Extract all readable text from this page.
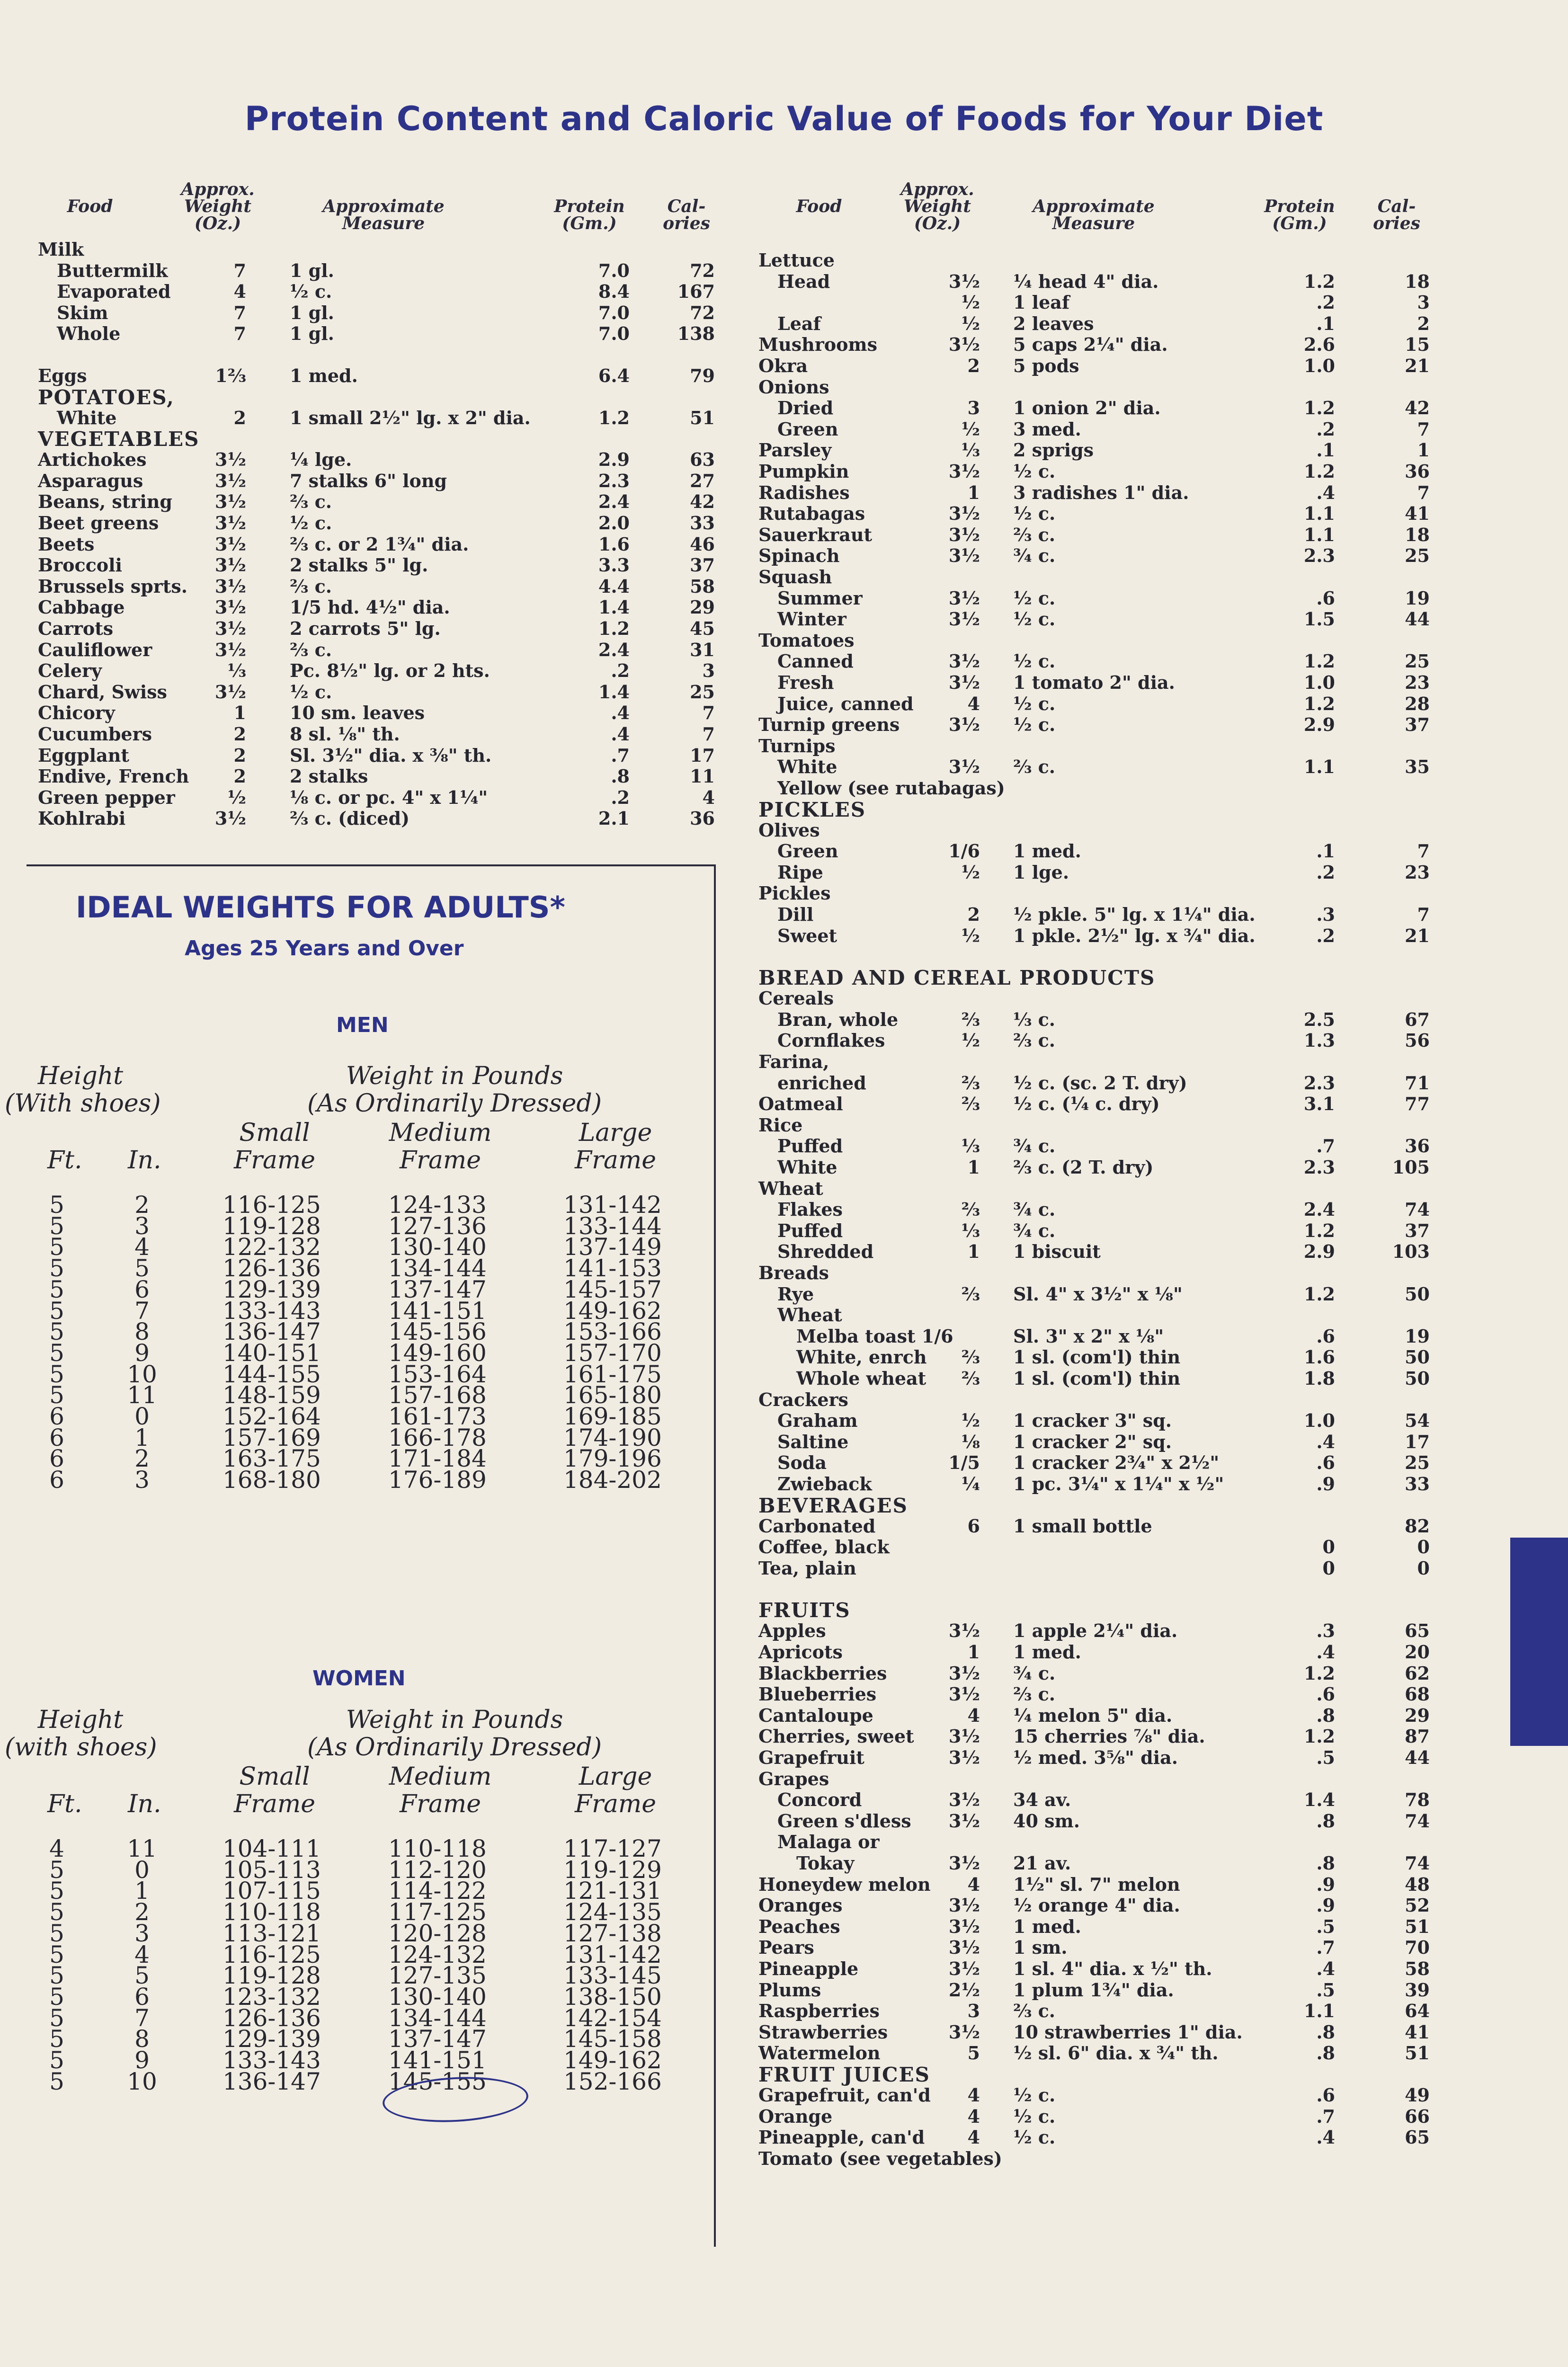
Protein Content and Caloric Value of Foods for Your Diet
Food
Approx.
Weight
(Oz.)
Approximate
Measure
Protein
(Gm.)
Cal-
ories
Food
Approx.
Weight
(Oz.)
Approximate
Measure
Protein
(Gm.)
Cal-
ories
Milk
Buttermilk	7 1 gl.	7.0	72
Evaporated	4 ½ c.	8.4	167
Skim	7 1 gl.	7.0	72
Whole	7 1 gl.	7.0	138
Eggs	1⅔ 1 med.	6.4	79
POTATOES,
White	2 1 small 2½" lg. x 2" dia.	1.2	51
VEGETABLES
Artichokes	3½ ¼ lge.	2.9	63
Asparagus	3½ 7 stalks 6" long	2.3	27
Beans, string	3½ ⅔ c.	2.4	42
Beet greens	3½ ½ c.	2.0	33
Beets	3½ ⅔ c. or 2 1¾" dia.	1.6	46
Broccoli	3½ 2 stalks 5" lg.	3.3	37
Brussels sprts.	3½ ⅔ c.	4.4	58
Cabbage	3½ 1/5 hd. 4½" dia.	1.4	29
Carrots	3½ 2 carrots 5" lg.	1.2	45
Cauliflower	3½ ⅔ c.	2.4	31
Celery	⅓ Pc. 8½" lg. or 2 hts.	.2	3
Chard, Swiss	3½ ½ c.	1.4	25
Chicory	1 10 sm. leaves	.4	7
Cucumbers	2 8 sl. ⅛" th.	.4	7
Eggplant	2 Sl. 3½" dia. x ⅜" th.	.7	17
Endive, French	2 2 stalks	.8	11
Green pepper	½ ⅛ c. or pc. 4" x 1¼"	.2	4
Kohlrabi	3½ ⅔ c. (diced)	2.1	36
Lettuce
Head	3½ ¼ head 4" dia.	1.2	18
½ 1 leaf	.2	3
Leaf	½ 2 leaves	.1	2
Mushrooms	3½ 5 caps 2¼" dia.	2.6	15
Okra	2 5 pods	1.0	21
Onions
Dried	3 1 onion 2" dia.	1.2	42
Green	½ 3 med.	.2	7
Parsley	⅓ 2 sprigs	.1	1
Pumpkin	3½ ½ c.	1.2	36
Radishes	1 3 radishes 1" dia.	.4	7
Rutabagas	3½ ½ c.	1.1	41
Sauerkraut	3½ ⅔ c.	1.1	18
Spinach	3½ ¾ c.	2.3	25
Squash
Summer	3½ ½ c.	.6	19
Winter	3½ ½ c.	1.5	44
Tomatoes
Canned	3½ ½ c.	1.2	25
Fresh	3½ 1 tomato 2" dia.	1.0	23
Juice, canned	4 ½ c.	1.2	28
Turnip greens	3½ ½ c.	2.9	37
Turnips
White	3½ ⅔ c.	1.1	35
Yellow (see rutabagas)
PICKLES
Olives
Green	1/6 1 med.	.1	7
Ripe	½ 1 lge.	.2	23
Pickles
Dill	2 ½ pkle. 5" lg. x 1¼" dia.	.3	7
Sweet	½ 1 pkle. 2½" lg. x ¾" dia.	.2	21
BREAD AND CEREAL PRODUCTS
Cereals
Bran, whole	⅔ ⅓ c.	2.5	67
Cornflakes	½ ⅔ c.	1.3	56
Farina,
enriched	⅔ ½ c. (sc. 2 T. dry)	2.3	71
Oatmeal	⅔ ½ c. (¼ c. dry)	3.1	77
Rice
Puffed	⅓ ¾ c.	.7	36
White	1 ⅔ c. (2 T. dry)	2.3	105
Wheat
Flakes	⅔ ¾ c.	2.4	74
Puffed	⅓ ¾ c.	1.2	37
Shredded	1 1 biscuit	2.9	103
Breads
Rye	⅔ Sl. 4" x 3½" x ⅛"	1.2	50
Wheat
Melba toast 1/6	Sl. 3" x 2" x ⅛"	.6	19
White, enrch	⅔ 1 sl. (com'l) thin	1.6	50
Whole wheat	⅔ 1 sl. (com'l) thin	1.8	50
Crackers
Graham	½ 1 cracker 3" sq.	1.0	54
Saltine	⅛ 1 cracker 2" sq.	.4	17
Soda	1/5 1 cracker 2¾" x 2½"	.6	25
Zwieback	¼ 1 pc. 3¼" x 1¼" x ½"	.9	33
BEVERAGES
Carbonated	6 1 small bottle	82
Coffee, black	0	0
Tea, plain	0	0
FRUITS
Apples	3½ 1 apple 2¼" dia.	.3	65
Apricots	1 1 med.	.4	20
Blackberries	3½ ¾ c.	1.2	62
Blueberries	3½ ⅔ c.	.6	68
Cantaloupe	4 ¼ melon 5" dia.	.8	29
Cherries, sweet	3½ 15 cherries ⅞" dia.	1.2	87
Grapefruit	3½ ½ med. 3⅝" dia.	.5	44
Grapes
Concord	3½ 34 av.	1.4	78
Green s'dless	3½ 40 sm.	.8	74
Malaga or
Tokay	3½ 21 av.	.8	74
Honeydew melon	4 1½" sl. 7" melon	.9	48
Oranges	3½ ½ orange 4" dia.	.9	52
Peaches	3½ 1 med.	.5	51
Pears	3½ 1 sm.	.7	70
Pineapple	3½ 1 sl. 4" dia. x ½" th.	.4	58
Plums	2½ 1 plum 1¾" dia.	.5	39
Raspberries	3 ⅔ c.	1.1	64
Strawberries	3½ 10 strawberries 1" dia.	.8	41
Watermelon	5 ½ sl. 6" dia. x ¾" th.	.8	51
FRUIT JUICES
Grapefruit, can'd	4 ½ c.	.6	49
Orange	4 ½ c.	.7	66
Pineapple, can'd	4 ½ c.	.4	65
Tomato (see vegetables)
IDEAL WEIGHTS FOR ADULTS*
Ages 25 Years and Over
MEN
WOMEN
Height
(With shoes)
Weight in Pounds
(As Ordinarily Dressed)
Small
Frame
Medium
Frame
Large
Frame
Ft. In.
5	2	116-125	124-133	131-142
5	3	119-128	127-136	133-144
5	4	122-132	130-140	137-149
5	5	126-136	134-144	141-153
5	6	129-139	137-147	145-157
5	7	133-143	141-151	149-162
5	8	136-147	145-156	153-166
5	9	140-151	149-160	157-170
5	10	144-155	153-164	161-175
5	11	148-159	157-168	165-180
6	0	152-164	161-173	169-185
6	1	157-169	166-178	174-190
6	2	163-175	171-184	179-196
6	3	168-180	176-189	184-202
Height
(with shoes)
Weight in Pounds
(As Ordinarily Dressed)
Small
Frame
Medium
Frame
Large
Frame
Ft. In.
4	11	104-111	110-118	117-127
5	0	105-113	112-120	119-129
5	1	107-115	114-122	121-131
5	2	110-118	117-125	124-135
5	3	113-121	120-128	127-138
5	4	116-125	124-132	131-142
5	5	119-128	127-135	133-145
5	6	123-132	130-140	138-150
5	7	126-136	134-144	142-154
5	8	129-139	137-147	145-158
5	9	133-143	141-151	149-162
5	10	136-147	145-155	152-166
